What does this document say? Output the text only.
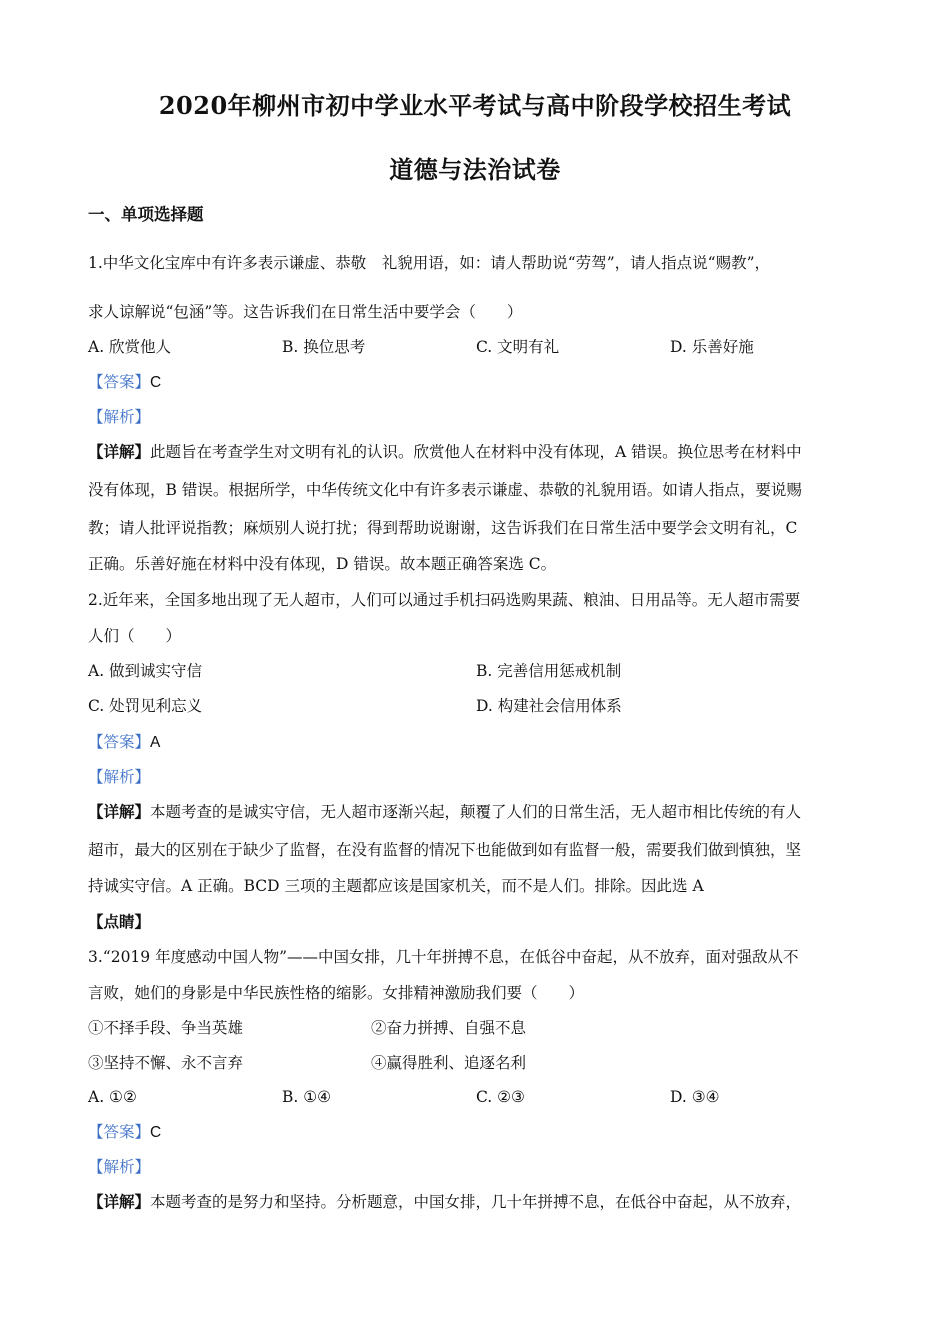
2020年柳州市初中学业水平考试与高中阶段学校招生考试
道德与法治试卷
一、单项选择题
1.中华文化宝库中有许多表示谦虚、恭敬　礼貌用语，如：请人帮助说“劳驾”，请人指点说“赐教”，
求人谅解说“包涵”等。这告诉我们在日常生活中要学会（　　）
A. 欣赏他人	B. 换位思考	C. 文明有礼	D. 乐善好施
【答案】C
【解析】
【详解】此题旨在考查学生对文明有礼的认识。欣赏他人在材料中没有体现，A 错误。换位思考在材料中
没有体现，B 错误。根据所学，中华传统文化中有许多表示谦虚、恭敬的礼貌用语。如请人指点，要说赐
教；请人批评说指教；麻烦别人说打扰；得到帮助说谢谢，这告诉我们在日常生活中要学会文明有礼，C
正确。乐善好施在材料中没有体现，D 错误。故本题正确答案选 C。
2.近年来，全国多地出现了无人超市，人们可以通过手机扫码选购果蔬、粮油、日用品等。无人超市需要
人们（　　）
A. 做到诚实守信	B. 完善信用惩戒机制
C. 处罚见利忘义	D. 构建社会信用体系
【答案】A
【解析】
【详解】本题考查的是诚实守信，无人超市逐渐兴起，颠覆了人们的日常生活，无人超市相比传统的有人
超市，最大的区别在于缺少了监督，在没有监督的情况下也能做到如有监督一般，需要我们做到慎独，坚
持诚实守信。A 正确。BCD 三项的主题都应该是国家机关，而不是人们。排除。因此选 A
【点睛】
3.“2019 年度感动中国人物”——中国女排，几十年拼搏不息，在低谷中奋起，从不放弃，面对强敌从不
言败，她们的身影是中华民族性格的缩影。女排精神激励我们要（　　）
①不择手段、争当英雄	②奋力拼搏、自强不息
③坚持不懈、永不言弃	④赢得胜利、追逐名利
A. ①②	B. ①④	C. ②③	D. ③④
【答案】C
【解析】
【详解】本题考查的是努力和坚持。分析题意，中国女排，几十年拼搏不息，在低谷中奋起，从不放弃，
